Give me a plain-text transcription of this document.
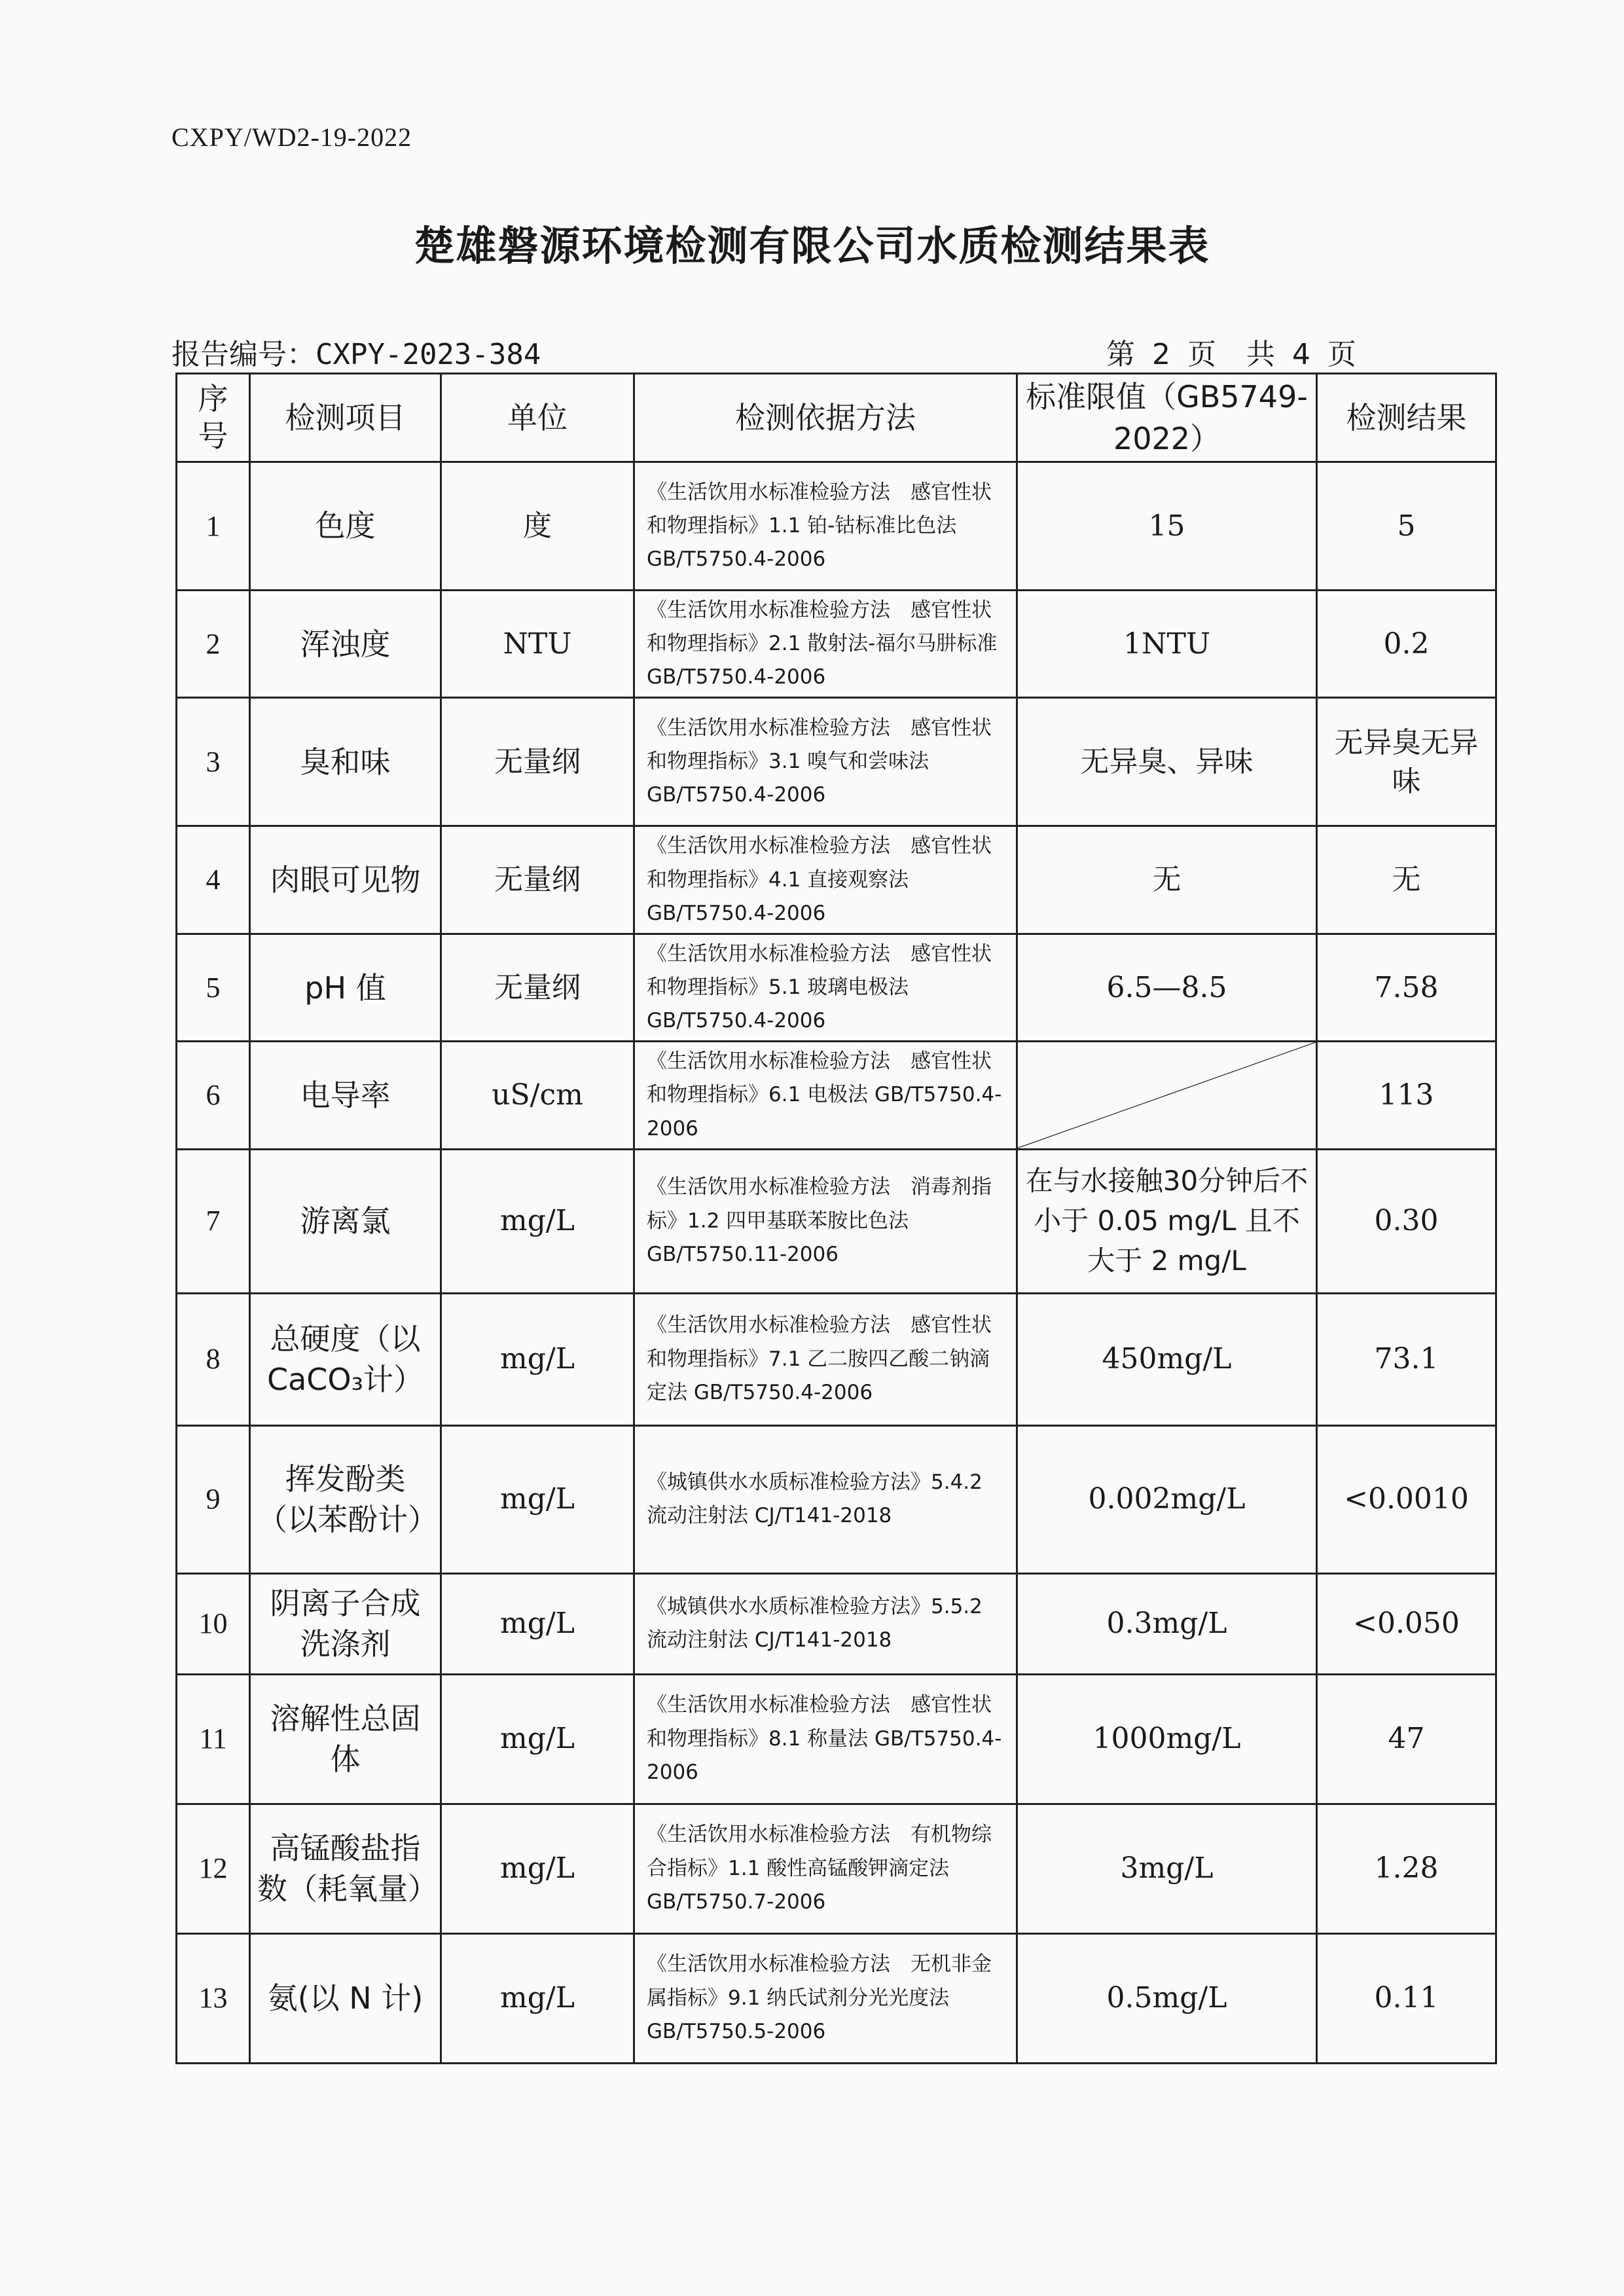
CXPY/WD2-19-2022
楚雄磐源环境检测有限公司水质检测结果表
报告编号：CXPY-2023-384	第 2 页  共 4 页
序号	检测项目	单位	检测依据方法	标准限值（GB5749-2022）	检测结果
1	色度	度	《生活饮用水标准检验方法　感官性状和物理指标》1.1 铂-钴标准比色法 GB/T5750.4-2006	15	5
2	浑浊度	NTU	《生活饮用水标准检验方法　感官性状和物理指标》2.1 散射法-福尔马肼标准 GB/T5750.4-2006	1NTU	0.2
3	臭和味	无量纲	《生活饮用水标准检验方法　感官性状和物理指标》3.1 嗅气和尝味法 GB/T5750.4-2006	无异臭、异味	无异臭无异味
4	肉眼可见物	无量纲	《生活饮用水标准检验方法　感官性状和物理指标》4.1 直接观察法 GB/T5750.4-2006	无	无
5	pH 值	无量纲	《生活饮用水标准检验方法　感官性状和物理指标》5.1 玻璃电极法 GB/T5750.4-2006	6.5—8.5	7.58
6	电导率	uS/cm	《生活饮用水标准检验方法　感官性状和物理指标》6.1 电极法 GB/T5750.4-2006		113
7	游离氯	mg/L	《生活饮用水标准检验方法　消毒剂指标》1.2 四甲基联苯胺比色法 GB/T5750.11-2006	在与水接触30分钟后不小于 0.05 mg/L 且不大于 2 mg/L	0.30
8	总硬度（以CaCO₃计）	mg/L	《生活饮用水标准检验方法　感官性状和物理指标》7.1 乙二胺四乙酸二钠滴定法 GB/T5750.4-2006	450mg/L	73.1
9	挥发酚类（以苯酚计）	mg/L	《城镇供水水质标准检验方法》5.4.2 流动注射法 CJ/T141-2018	0.002mg/L	<0.0010
10	阴离子合成洗涤剂	mg/L	《城镇供水水质标准检验方法》5.5.2 流动注射法 CJ/T141-2018	0.3mg/L	<0.050
11	溶解性总固体	mg/L	《生活饮用水标准检验方法　感官性状和物理指标》8.1 称量法 GB/T5750.4-2006	1000mg/L	47
12	高锰酸盐指数（耗氧量）	mg/L	《生活饮用水标准检验方法　有机物综合指标》1.1 酸性高锰酸钾滴定法 GB/T5750.7-2006	3mg/L	1.28
13	氨(以 N 计)	mg/L	《生活饮用水标准检验方法　无机非金属指标》9.1 纳氏试剂分光光度法 GB/T5750.5-2006	0.5mg/L	0.11
